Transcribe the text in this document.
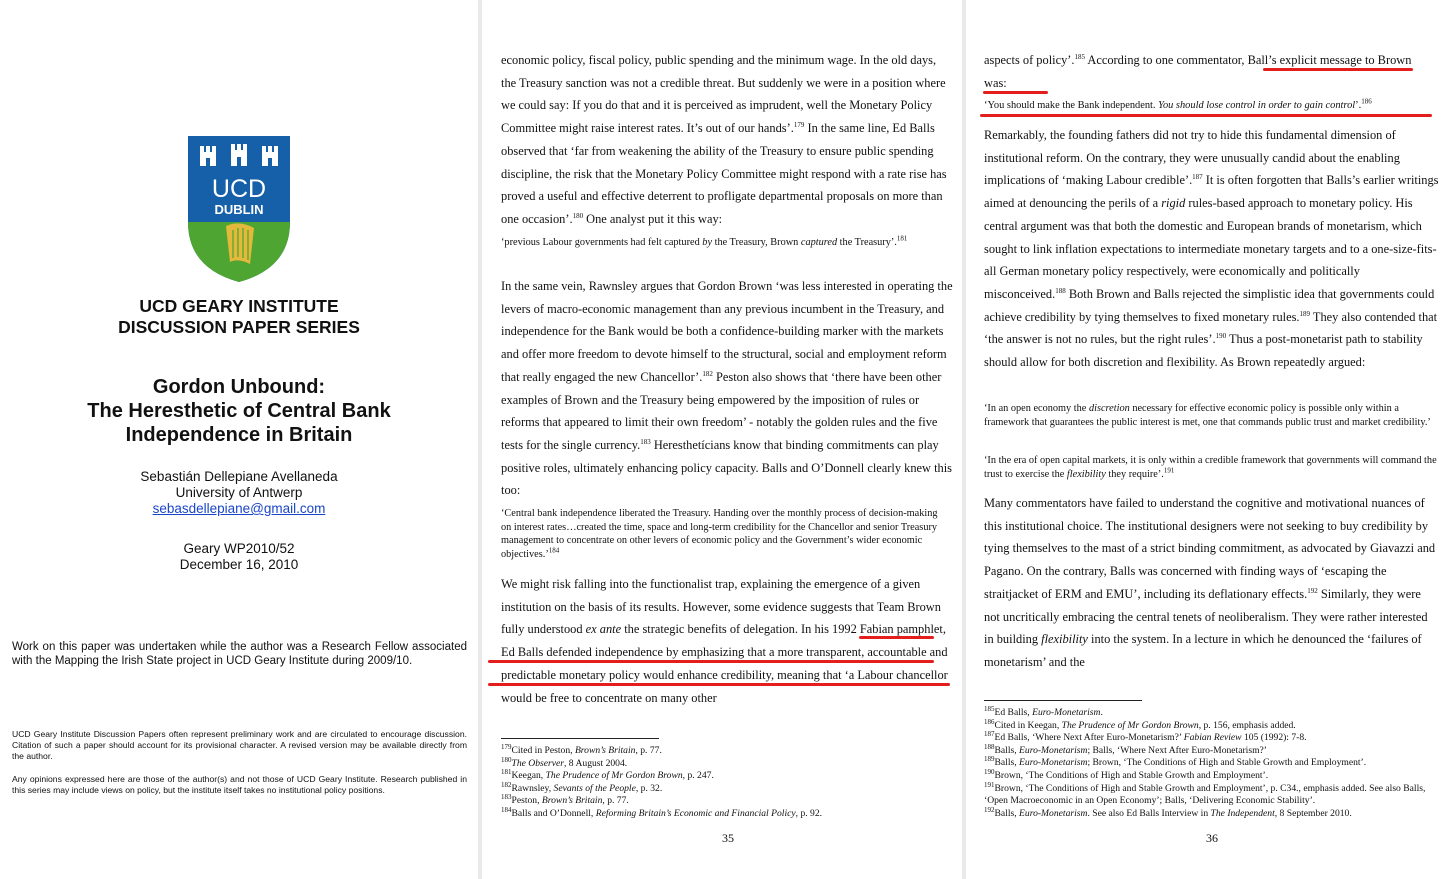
UCD
DUBLIN
UCD GEARY INSTITUTE
DISCUSSION PAPER SERIES
Gordon Unbound:
The Heresthetic of Central Bank
Independence in Britain
Sebastián Dellepiane Avellaneda
University of Antwerp
sebasdellepiane@gmail.com
Geary WP2010/52
December 16, 2010
Work on this paper was undertaken while the author was a Research Fellow associated with the Mapping the Irish State project in UCD Geary Institute during 2009/10.
UCD Geary Institute Discussion Papers often represent preliminary work and are circulated to encourage discussion. Citation of such a paper should account for its provisional character. A revised version may be available directly from the author.
Any opinions expressed here are those of the author(s) and not those of UCD Geary Institute. Research published in this series may include views on policy, but the institute itself takes no institutional policy positions.
economic policy, fiscal policy, public spending and the minimum wage. In the old days, the Treasury sanction was not a credible threat. But suddenly we were in a position where we could say: If you do that and it is perceived as imprudent, well the Monetary Policy Committee might raise interest rates. It’s out of our hands’.$^{179}$ In the same line, Ed Balls observed that ‘far from weakening the ability of the Treasury to ensure public spending discipline, the risk that the Monetary Policy Committee might respond with a rate rise has proved a useful and effective deterrent to profligate departmental proposals on more than one occasion’.$^{180}$ One analyst put it this way:
‘previous Labour governments had felt captured by the Treasury, Brown captured the Treasury’.$^{181}$
In the same vein, Rawnsley argues that Gordon Brown ‘was less interested in operating the levers of macro-economic management than any previous incumbent in the Treasury, and independence for the Bank would be both a confidence-building marker with the markets and offer more freedom to devote himself to the structural, social and employment reform that really engaged the new Chancellor’.$^{182}$ Peston also shows that ‘there have been other examples of Brown and the Treasury being empowered by the imposition of rules or reforms that appeared to limit their own freedom’ - notably the golden rules and the five tests for the single currency.$^{183}$ Heresthetícians know that binding commitments can play positive roles, ultimately enhancing policy capacity. Balls and O’Donnell clearly knew this too:
‘Central bank independence liberated the Treasury. Handing over the monthly process of decision-making on interest rates…created the time, space and long-term credibility for the Chancellor and senior Treasury management to concentrate on other levers of economic policy and the Government’s wider economic objectives.’$^{184}$
We might risk falling into the functionalist trap, explaining the emergence of a given institution on the basis of its results. However, some evidence suggests that Team Brown fully understood ex ante the strategic benefits of delegation. In his 1992 Fabian pamphlet, Ed Balls defended independence by emphasizing that a more transparent, accountable and predictable monetary policy would enhance credibility, meaning that ‘a Labour chancellor would be free to concentrate on many other
$^{179}$Cited in Peston, Brown’s Britain, p. 77.
$^{180}$The Observer, 8 August 2004.
$^{181}$Keegan, The Prudence of Mr Gordon Brown, p. 247.
$^{182}$Rawnsley, Sevants of the People, p. 32.
$^{183}$Peston, Brown’s Britain, p. 77.
$^{184}$Balls and O’Donnell, Reforming Britain’s Economic and Financial Policy, p. 92.
35
aspects of policy’.$^{185}$ According to one commentator, Ball’s explicit message to Brown was:
‘You should make the Bank independent. You should lose control in order to gain control’.$^{186}$
Remarkably, the founding fathers did not try to hide this fundamental dimension of institutional reform. On the contrary, they were unusually candid about the enabling implications of ‘making Labour credible’.$^{187}$ It is often forgotten that Balls’s earlier writings aimed at denouncing the perils of a rigid rules-based approach to monetary policy. His central argument was that both the domestic and European brands of monetarism, which sought to link inflation expectations to intermediate monetary targets and to a one-size-fits-all German monetary policy respectively, were economically and politically misconceived.$^{188}$ Both Brown and Balls rejected the simplistic idea that governments could achieve credibility by tying themselves to fixed monetary rules.$^{189}$ They also contended that ‘the answer is not no rules, but the right rules’.$^{190}$ Thus a post-monetarist path to stability should allow for both discretion and flexibility. As Brown repeatedly argued:
‘In an open economy the discretion necessary for effective economic policy is possible only within a framework that guarantees the public interest is met, one that commands public trust and market credibility.’
‘In the era of open capital markets, it is only within a credible framework that governments will command the trust to exercise the flexibility they require’.$^{191}$
Many commentators have failed to understand the cognitive and motivational nuances of this institutional choice. The institutional designers were not seeking to buy credibility by tying themselves to the mast of a strict binding commitment, as advocated by Giavazzi and Pagano. On the contrary, Balls was concerned with finding ways of ‘escaping the straitjacket of ERM and EMU’, including its deflationary effects.$^{192}$ Similarly, they were not uncritically embracing the central tenets of neoliberalism. They were rather interested in building flexibility into the system. In a lecture in which he denounced the ‘failures of monetarism’ and the
$^{185}$Ed Balls, Euro-Monetarism.
$^{186}$Cited in Keegan, The Prudence of Mr Gordon Brown, p. 156, emphasis added.
$^{187}$Ed Balls, ‘Where Next After Euro-Monetarism?’ Fabian Review 105 (1992): 7-8.
$^{188}$Balls, Euro-Monetarism; Balls, ‘Where Next After Euro-Monetarism?’
$^{189}$Balls, Euro-Monetarism; Brown, ‘The Conditions of High and Stable Growth and Employment’.
$^{190}$Brown, ‘The Conditions of High and Stable Growth and Employment’.
$^{191}$Brown, ‘The Conditions of High and Stable Growth and Employment’, p. C34., emphasis added. See also Balls, ‘Open Macroeconomic in an Open Economy’; Balls, ‘Delivering Economic Stability’.
$^{192}$Balls, Euro-Monetarism. See also Ed Balls Interview in The Independent, 8 September 2010.
36
